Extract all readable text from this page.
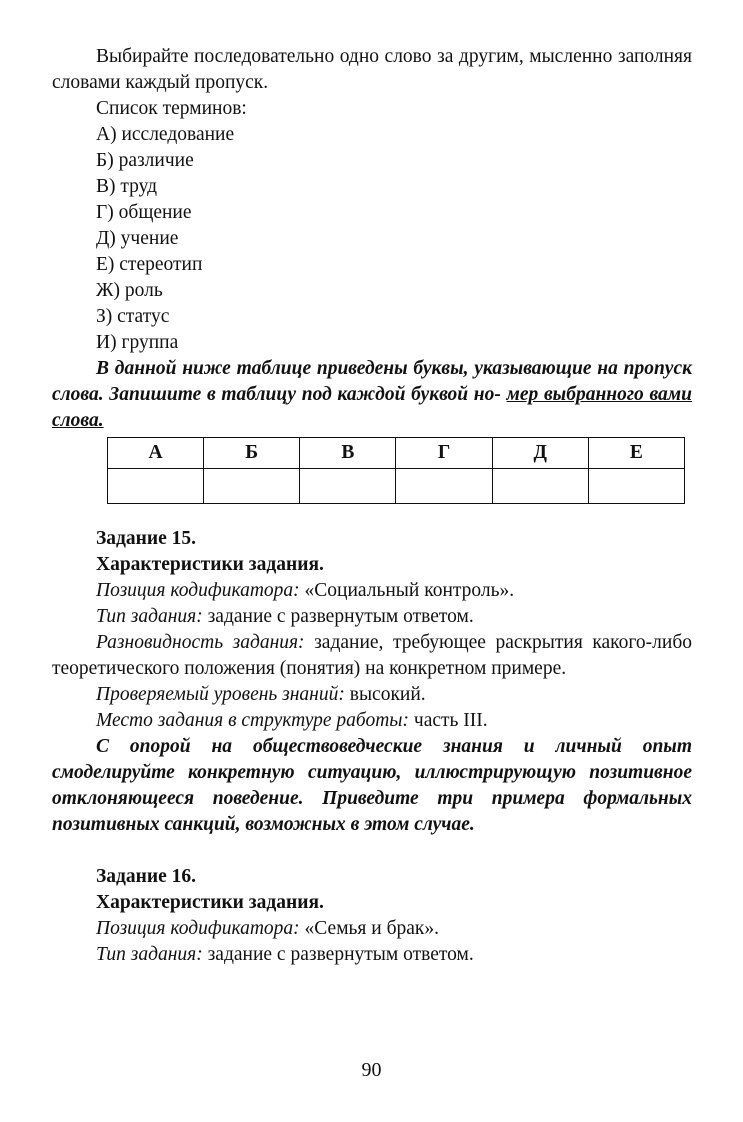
Выбирайте последовательно одно слово за другим, мысленно заполняя словами каждый пропуск.

Список терминов:

А) исследование

Б) различие

В) труд

Г) общение

Д) учение

Е) стереотип

Ж) роль

З) статус

И) группа

В данной ниже таблице приведены буквы, указывающие на пропуск слова. Запишите в таблицу под каждой буквой но- мер выбранного вами слова.

А	Б	В	Г	Д	Е

Задание 15.

Характеристики задания.

Позиция кодификатора: «Социальный контроль».

Тип задания: задание с развернутым ответом.

Разновидность задания: задание, требующее раскрытия какого-либо теоретического положения (понятия) на конкретном примере.

Проверяемый уровень знаний: высокий.

Место задания в структуре работы: часть III.

С опорой на обществоведческие знания и личный опыт смоделируйте конкретную ситуацию, иллюстрирующую позитивное отклоняющееся поведение. Приведите три примера формальных позитивных санкций, возможных в этом случае.

Задание 16.

Характеристики задания.

Позиция кодификатора: «Семья и брак».

Тип задания: задание с развернутым ответом.

90
